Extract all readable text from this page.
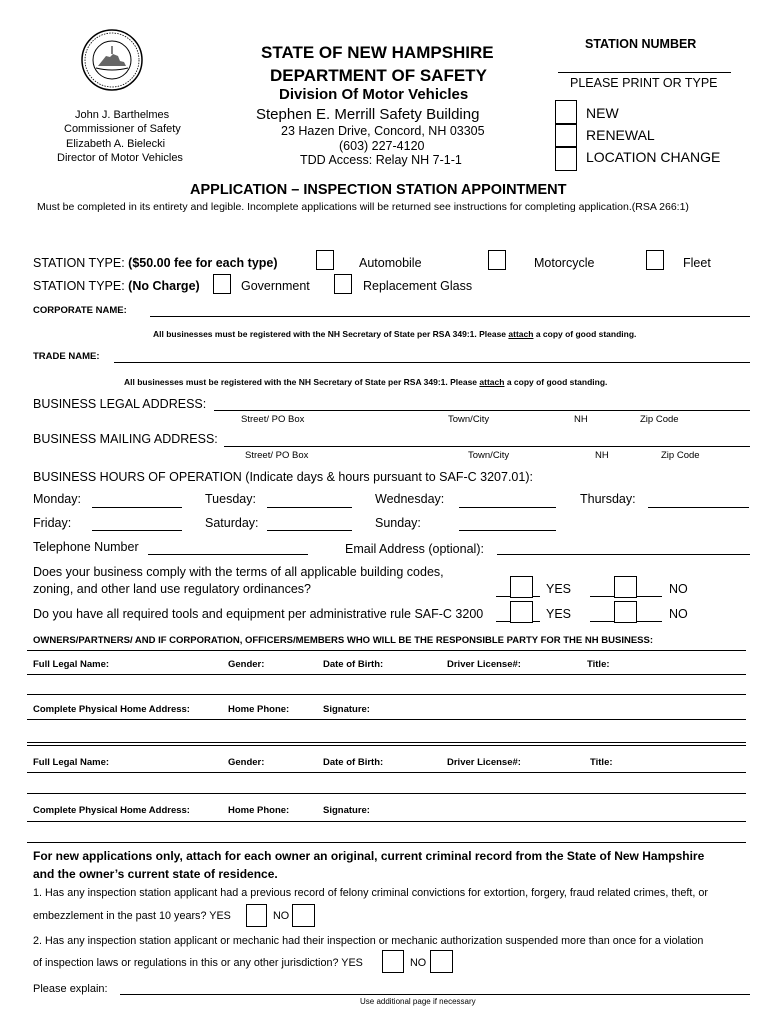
STATE OF NEW HAMPSHIRE
DEPARTMENT OF SAFETY
Division Of Motor Vehicles
Stephen E. Merrill Safety Building
23 Hazen Drive, Concord, NH 03305
(603) 227-4120
TDD Access: Relay NH 7-1-1
John J. Barthelmes
Commissioner of Safety
Elizabeth A. Bielecki
Director of Motor Vehicles
STATION NUMBER
PLEASE PRINT OR TYPE
NEW
RENEWAL
LOCATION CHANGE
APPLICATION – INSPECTION STATION APPOINTMENT
Must be completed in its entirety and legible. Incomplete applications will be returned see instructions for completing application.(RSA 266:1)
STATION TYPE: ($50.00 fee for each type)	Automobile	Motorcycle	Fleet
STATION TYPE: (No Charge)	Government	Replacement Glass
CORPORATE NAME:
All businesses must be registered with the NH Secretary of State per RSA 349:1. Please attach a copy of good standing.
TRADE NAME:
All businesses must be registered with the NH Secretary of State per RSA 349:1. Please attach a copy of good standing.
BUSINESS LEGAL ADDRESS:
Street/ PO Box	Town/City	NH	Zip Code
BUSINESS MAILING ADDRESS:
Street/ PO Box	Town/City	NH	Zip Code
BUSINESS HOURS OF OPERATION (Indicate days & hours pursuant to SAF-C 3207.01):
Monday:	Tuesday:	Wednesday:	Thursday:
Friday:	Saturday:	Sunday:
Telephone Number	Email Address (optional):
Does your business comply with the terms of all applicable building codes,
zoning, and other land use regulatory ordinances?	YES	NO
Do you have all required tools and equipment per administrative rule SAF-C 3200	YES	NO
OWNERS/PARTNERS/ AND IF CORPORATION, OFFICERS/MEMBERS WHO WILL BE THE RESPONSIBLE PARTY FOR THE NH BUSINESS:
Full Legal Name:	Gender:	Date of Birth:	Driver License#:	Title:
Complete Physical Home Address:	Home Phone:	Signature:
Full Legal Name:	Gender:	Date of Birth:	Driver License#:	Title:
Complete Physical Home Address:	Home Phone:	Signature:
For new applications only, attach for each owner an original, current criminal record from the State of New Hampshire
and the owner’s current state of residence.
1. Has any inspection station applicant had a previous record of felony criminal convictions for extortion, forgery, fraud related crimes, theft, or
embezzlement in the past 10 years? YES	NO
2. Has any inspection station applicant or mechanic had their inspection or mechanic authorization suspended more than once for a violation
of inspection laws or regulations in this or any other jurisdiction? YES	NO
Please explain:
Use additional page if necessary
